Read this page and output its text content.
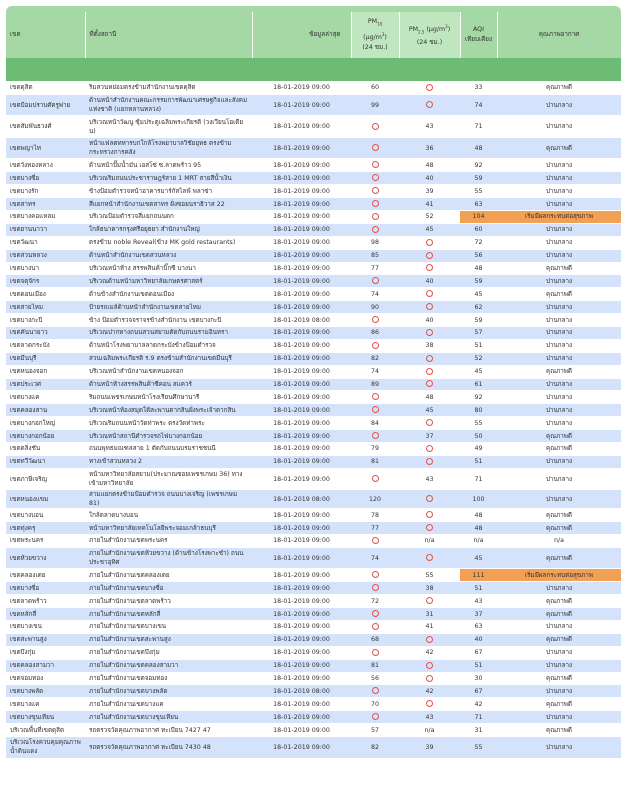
เขต	ที่ตั้งสถานี	ข้อมูลล่าสุด	$PM_{10}$ $(\mu g/m^3)$
(24 ชม.)	$PM_{2.5}$ $(\mu g/m^3)$
(24 ชม.)	AQI
เทียบเคียง	คุณภาพอากาศ

เขตดุสิต	ริมสวนหย่อมตรงข้ามสำนักงานเขตดุสิต	18-01-2019 09:00	60		33	คุณภาพดี
เขตป้อมปราบศัตรูพ่าย	ด้านหน้าสำนักงานคณะกรรมการพัฒนาเศรษฐกิจและสังคมแห่งชาติ (แยกหลานหลวง)	18-01-2019 09:00	99		74	ปานกลาง
เขตสัมพันธวงศ์	บริเวณหน้าวัฒนู ซุ้มประตูเฉลิมพระเกียรติ (วงเวียนโอเดียน)	18-01-2019 09:00		43	71	ปานกลาง
เขตพญาไท	หน้าแฟลตทหารบกใกล้โรงพยาบาลวิชัยยุทธ ตรงข้ามกระทรวงการคลัง	18-01-2019 09:00		36	48	คุณภาพดี
เขตวังทองหลาง	ด้านหน้าปั๊มน้ำมัน เอสโซ่ ซ.ลาดพร้าว 95	18-01-2019 09:00		48	92	ปานกลาง
เขตบางซื่อ	บริเวณริมถนนประชาราษฎร์สาย 1 MRT สายสีน้ำเงิน	18-01-2019 09:00		40	59	ปานกลาง
เขตบางรัก	ข้างป้อมตำรวจหน้าอาคารมาร์กัสไลฟ์ พลาซ่า	18-01-2019 09:00		39	55	ปานกลาง
เขตสาทร	สี่แยกหน้าสำนักงานเขตสาทร ฝั่งซอยนราธิวาส 22	18-01-2019 09:00		41	63	ปานกลาง
เขตบางคอแหลม	บริเวณป้อมตำรวจสี่แยกถนนตก	18-01-2019 09:00		52	104	เริ่มมีผลกระทบต่อสุขภาพ
เขตยานนาวา	ใกล้ธนาคารกรุงศรีอยุธยา สำนักงานใหญ่	18-01-2019 09:00		45	60	ปานกลาง
เขตวัฒนา	ตรงข้าม noble Reveal(ข้าง MK gold restaurants)	18-01-2019 09:00	98		72	ปานกลาง
เขตสวนหลวง	ด้านหน้าสำนักงานเขตสวนหลวง	18-01-2019 09:00	85		56	ปานกลาง
เขตบางนา	บริเวณหน้าห้าง สรรพสินค้าบิ๊กซี บางนา	18-01-2019 09:00	77		48	คุณภาพดี
เขตจตุจักร	บริเวณด้านหน้ามหาวิทยาลัยเกษตรศาสตร์	18-01-2019 09:00		40	59	ปานกลาง
เขตดอนเมือง	ด้านข้างสำนักงานเขตดอนเมือง	18-01-2019 09:00	74		45	คุณภาพดี
เขตสายไหม	ป้ายรถเมล์ด้านหน้าสำนักงานเขตสายไหม	18-01-2019 09:00	90		62	ปานกลาง
เขตบางกะปิ	ข้าง ป้อมตำรวจจราจรข้างสำนักงาน เขตบางกะปิ	18-01-2019 08:00		40	59	ปานกลาง
เขตคันนายาว	บริเวณปากทางถนนสวนสยามตัดกับถนนรามอินทรา	18-01-2019 09:00	86		57	ปานกลาง
เขตลาดกระบัง	ด้านหน้าโรงพยาบาลลาดกระบังข้างป้อมตำรวจ	18-01-2019 09:00		38	51	ปานกลาง
เขตมีนบุรี	สวนเฉลิมพระเกียรติ ร.9 ตรงข้ามสำนักงานเขตมีนบุรี	18-01-2019 09:00	82		52	ปานกลาง
เขตหนองจอก	บริเวณหน้าสำนักงานเขตหนองจอก	18-01-2019 09:00	74		45	คุณภาพดี
เขตประเวศ	ด้านหน้าห้างสรรพสินค้าซีคอน สแควร์	18-01-2019 09:00	89		61	ปานกลาง
เขตบางแค	ริมถนนเพชรเกษมหน้าโรงเรียนศึกษานารี	18-01-2019 09:00		48	92	ปานกลาง
เขตคลองสาน	บริเวณหน้าห้องสมุดใต้สะพานตากสินฝั่งพระเจ้าตากสิน	18-01-2019 09:00		45	80	ปานกลาง
เขตบางกอกใหญ่	บริเวณริมถนนหน้าวัดท่าพระ ตรงวัดท่าพระ	18-01-2019 09:00	84		55	ปานกลาง
เขตบางกอกน้อย	บริเวณหน้าสถานีตำรวจรถไฟบางกอกน้อย	18-01-2019 09:00		37	50	คุณภาพดี
เขตตลิ่งชัน	ถนนพุทธมณฑลสาย 1 ตัดกับถนนบรมราชชนนี	18-01-2019 09:00	79		49	คุณภาพดี
เขตทวีวัฒนา	ทางเข้าสวนหลวง 2	18-01-2019 09:00	81		51	ปานกลาง
เขตภาษีเจริญ	หน้ามหาวิทยาลัยสยาม(ประมาณซอยเพชรเกษม 36) ทางเข้ามหาวิทยาลัย	18-01-2019 09:00		43	71	ปานกลาง
เขตหนองแขม	สามแยกตรงข้ามป้อมตำรวจ ถนนบางเจริญ (เพชรเกษม 81)	18-01-2019 08:00	120		100	ปานกลาง
เขตบางบอน	ใกล้ตลาดบางบอน	18-01-2019 09:00	78		48	คุณภาพดี
เขตทุ่งครุ	หน้ามหาวิทยาลัยเทคโนโลยีพระจอมเกล้าธนบุรี	18-01-2019 09:00	77		48	คุณภาพดี
เขตพระนคร	ภายในสำนักงานเขตพระนคร	18-01-2019 09:00		n/a	n/a	n/a
เขตห้วยขวาง	ภายในสำนักงานเขตห้วยขวาง (ด้านข้างโรงพาะชำ) ถนนประชาอุทิศ	18-01-2019 09:00	74		45	คุณภาพดี
เขตคลองเตย	ภายในสำนักงานเขตคลองเตย	18-01-2019 09:00		55	111	เริ่มมีผลกระทบต่อสุขภาพ
เขตบางซื่อ	ภายในสำนักงานเขตบางซื่อ	18-01-2019 09:00		38	51	ปานกลาง
เขตลาดพร้าว	ภายในสำนักงานเขตลาดพร้าว	18-01-2019 09:00	72		43	คุณภาพดี
เขตหลักสี่	ภายในสำนักงานเขตหลักสี่	18-01-2019 09:00		31	37	คุณภาพดี
เขตบางเขน	ภายในสำนักงานเขตบางเขน	18-01-2019 09:00		41	63	ปานกลาง
เขตสะพานสูง	ภายในสำนักงานเขตสะพานสูง	18-01-2019 09:00	68		40	คุณภาพดี
เขตบึงกุ่ม	ภายในสำนักงานเขตบึงกุ่ม	18-01-2019 09:00		42	67	ปานกลาง
เขตคลองสามวา	ภายในสำนักงานเขตคลองสามวา	18-01-2019 09:00	81		51	ปานกลาง
เขตจอมทอง	ภายในสำนักงานเขตจอมทอง	18-01-2019 09:00	56		30	คุณภาพดี
เขตบางพลัด	ภายในสำนักงานเขตบางพลัด	18-01-2019 08:00		42	67	ปานกลาง
เขตบางแค	ภายในสำนักงานเขตบางแค	18-01-2019 09:00	70		42	คุณภาพดี
เขตบางขุนเทียน	ภายในสำนักงานเขตบางขุนเทียน	18-01-2019 09:00		43	71	ปานกลาง
บริเวณพื้นที่เขตดุสิต	รถตรวจวัดคุณภาพอากาศ ทะเบียน 7427 47	18-01-2019 09:00	57	n/a	31	คุณภาพดี
บริเวณโรงควบคุมคุณภาพน้ำดินแดง	รถตรวจวัดคุณภาพอากาศ ทะเบียน 7430 48	18-01-2019 09:00	82	39	55	ปานกลาง
